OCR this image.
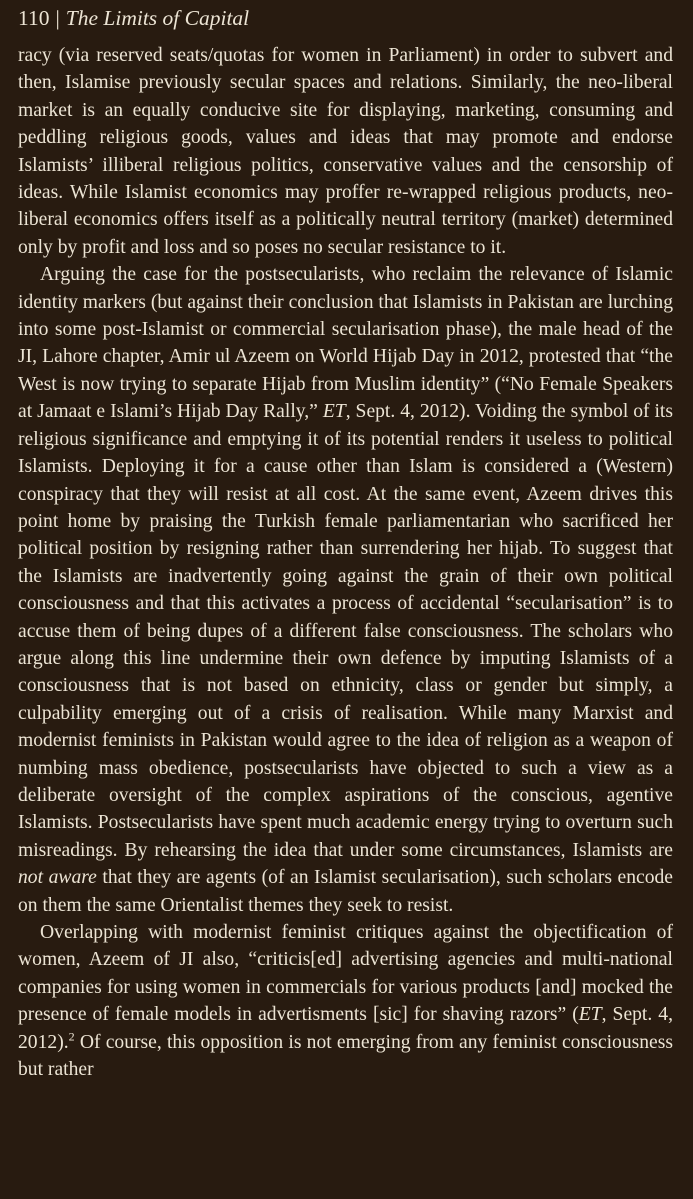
110 | The Limits of Capital

racy (via reserved seats/quotas for women in Parliament) in order to subvert and then, Islamise previously secular spaces and relations. Similarly, the neo-liberal market is an equally conducive site for displaying, marketing, consuming and peddling religious goods, values and ideas that may promote and endorse Islamists’ illiberal religious politics, conservative values and the censorship of ideas. While Islamist economics may proffer re-wrapped religious products, neo-liberal economics offers itself as a politically neutral territory (market) determined only by profit and loss and so poses no secular resistance to it.

Arguing the case for the postsecularists, who reclaim the relevance of Islamic identity markers (but against their conclusion that Islamists in Pakistan are lurching into some post-Islamist or commercial secularisation phase), the male head of the JI, Lahore chapter, Amir ul Azeem on World Hijab Day in 2012, protested that “the West is now trying to separate Hijab from Muslim identity” (“No Female Speakers at Jamaat e Islami’s Hijab Day Rally,” ET, Sept. 4, 2012). Voiding the symbol of its religious significance and emptying it of its potential renders it useless to political Islamists. Deploying it for a cause other than Islam is considered a (Western) conspiracy that they will resist at all cost. At the same event, Azeem drives this point home by praising the Turkish female parliamentarian who sacrificed her political position by resigning rather than surrendering her hijab. To suggest that the Islamists are inadvertently going against the grain of their own political consciousness and that this activates a process of accidental “secularisation” is to accuse them of being dupes of a different false consciousness. The scholars who argue along this line undermine their own defence by imputing Islamists of a consciousness that is not based on ethnicity, class or gender but simply, a culpability emerging out of a crisis of realisation. While many Marxist and modernist feminists in Pakistan would agree to the idea of religion as a weapon of numbing mass obedience, postsecularists have objected to such a view as a deliberate oversight of the complex aspirations of the conscious, agentive Islamists. Postsecularists have spent much academic energy trying to overturn such misreadings. By rehearsing the idea that under some circumstances, Islamists are not aware that they are agents (of an Islamist secularisation), such scholars encode on them the same Orientalist themes they seek to resist.

Overlapping with modernist feminist critiques against the objectification of women, Azeem of JI also, “criticis[ed] advertising agencies and multi-national companies for using women in commercials for various products [and] mocked the presence of female models in advertisments [sic] for shaving razors” (ET, Sept. 4, 2012).$^2$ Of course, this opposition is not emerging from any feminist consciousness but rather
